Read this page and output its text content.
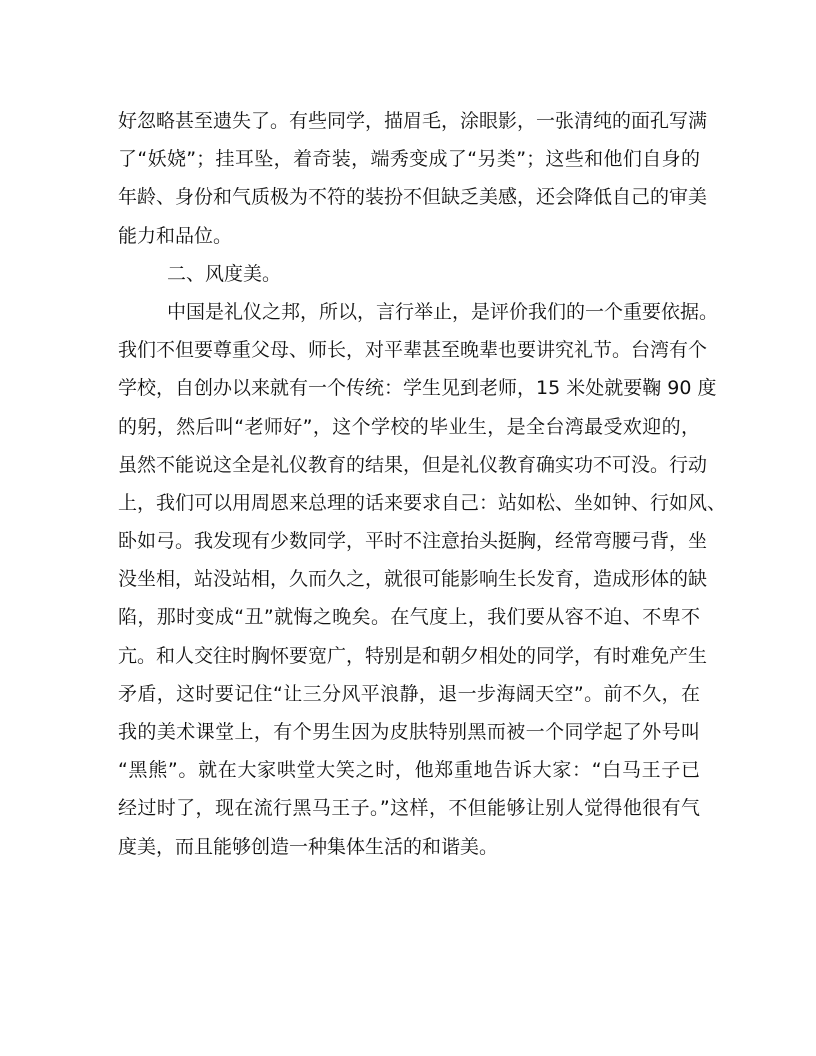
好忽略甚至遗失了。有些同学，描眉毛，涂眼影，一张清纯的面孔写满
了“妖娆”；挂耳坠，着奇装，端秀变成了“另类”；这些和他们自身的
年龄、身份和气质极为不符的装扮不但缺乏美感，还会降低自己的审美
能力和品位。
二、风度美。
中国是礼仪之邦，所以，言行举止，是评价我们的一个重要依据。
我们不但要尊重父母、师长，对平辈甚至晚辈也要讲究礼节。台湾有个
学校，自创办以来就有一个传统：学生见到老师，15 米处就要鞠 90 度
的躬，然后叫“老师好”，这个学校的毕业生，是全台湾最受欢迎的，
虽然不能说这全是礼仪教育的结果，但是礼仪教育确实功不可没。行动
上，我们可以用周恩来总理的话来要求自己：站如松、坐如钟、行如风、
卧如弓。我发现有少数同学，平时不注意抬头挺胸，经常弯腰弓背，坐
没坐相，站没站相，久而久之，就很可能影响生长发育，造成形体的缺
陷，那时变成“丑”就悔之晚矣。在气度上，我们要从容不迫、不卑不
亢。和人交往时胸怀要宽广，特别是和朝夕相处的同学，有时难免产生
矛盾，这时要记住“让三分风平浪静，退一步海阔天空”。前不久，在
我的美术课堂上，有个男生因为皮肤特别黑而被一个同学起了外号叫
“黑熊”。就在大家哄堂大笑之时，他郑重地告诉大家：“白马王子已
经过时了，现在流行黑马王子。”这样，不但能够让别人觉得他很有气
度美，而且能够创造一种集体生活的和谐美。
